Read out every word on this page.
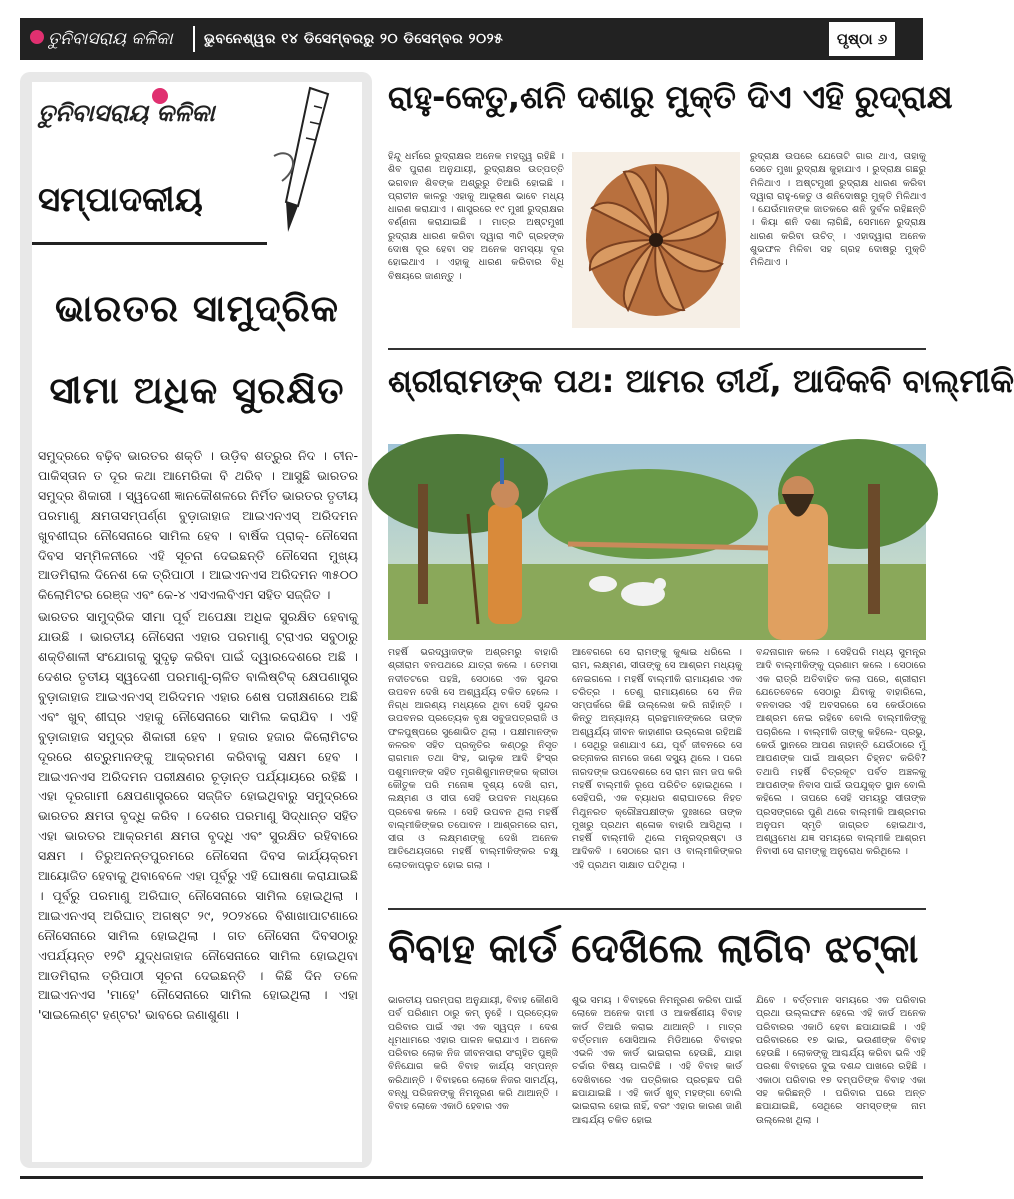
ତୁନିବାସରାୟ କଳିକା	ଭୁବନେଶ୍ୱର ୧୪ ଡିସେମ୍ବରରୁ ୨୦ ଡିସେମ୍ବର ୨୦୨୫	ପୃଷ୍ଠା ୬
ତୁନିବାସରାୟ କଳିକା
ସମ୍ପାଦକୀୟ
ଭାରତର ସାମୁଦ୍ରିକ
ସୀମା ଅଧିକ ସୁରକ୍ଷିତ

ସମୁଦ୍ରରେ ବଢ଼ିବ ଭାରତର ଶକ୍ତି । ଉଡ଼ିବ ଶତ୍ରୁର ନିଦ । ଚୀନ-ପାକିସ୍ତାନ ତ ଦୂର କଥା ଆମେରିକା ବି ଥରିବ । ଆସୁଛି ଭାରତର ସମୁଦ୍ର ଶିକାରୀ । ସ୍ୱଦେଶୀ ଜ୍ଞାନକୌଶଳରେ ନିର୍ମିତ ଭାରତର ତୃତୀୟ ପରମାଣୁ କ୍ଷମତାସମ୍ପର୍ଣ୍ଣ ବୁଡ଼ାଜାହାଜ ଆଇଏନଏସ୍ ଅରିଦମନ ଖୁବଶୀଘ୍ର ନୌସେନାରେ ସାମିଲ ହେବ । ବାର୍ଷିକ ପ୍ରାକ୍- ନୌସେନା ଦିବସ ସମ୍ମିଳନୀରେ ଏହି ସୂଚନା ଦେଇଛନ୍ତି ନୌସେନା ମୁଖ୍ୟ ଆଡମିରାଲ ଦିନେଶ କେ ତ୍ରିପାଠୀ । ଆଇଏନଏସ ଅରିଦମନ ୩୫୦୦ କିଲୋମିଟର ରେଞ୍ଜ ଏବଂ କେ-୪ ଏସଏଲବିଏମ ସହିତ ସଜ୍ଜିତ ।

ଭାରତର ସାମୁଦ୍ରିକ ସୀମା ପୂର୍ବ ଅପେକ୍ଷା ଅଧିକ ସୁରକ୍ଷିତ ହେବାକୁ ଯାଉଛି । ଭାରତୀୟ ନୌସେନା ଏହାର ପରମାଣୁ ଟ୍ରାଏର ସବୁଠାରୁ ଶକ୍ତିଶାଳୀ ସଂଯୋଗକୁ ସୁଦୃଢ଼ କରିବା ପାଇଁ ଦ୍ୱାରଦେଶରେ ଅଛି । ଦେଶର ତୃତୀୟ ସ୍ୱଦେଶୀ ପରମାଣୁ-ଚାଳିତ ବାଲିଷ୍ଟିକ୍ କ୍ଷେପଣାସ୍ତ୍ର ବୁଡ଼ାଜାହାଜ ଆଇଏନଏସ୍ ଅରିଦମନ ଏହାର ଶେଷ ପରୀକ୍ଷଣରେ ଅଛି ଏବଂ ଖୁବ୍ ଶୀଘ୍ର ଏହାକୁ ନୌସେନାରେ ସାମିଲ କରାଯିବ । ଏହି ବୁଡ଼ାଜାହାଜ ସମୁଦ୍ର ଶିକାରୀ ହେବ । ହଜାର ହଜାର କିଲୋମିଟର ଦୂରରେ ଶତ୍ରୁମାନଙ୍କୁ ଆକ୍ରମଣ କରିବାକୁ ସକ୍ଷମ ହେବ । ଆଇଏନଏସ ଅରିଦମନ ପରୀକ୍ଷଣର ଚୂଡ଼ାନ୍ତ ପର୍ଯ୍ୟାୟରେ ରହିଛି । ଏହା ଦୂରଗାମୀ କ୍ଷେପଣାସ୍ତ୍ରରେ ସଜ୍ଜିତ ହୋଇଥିବାରୁ ସମୁଦ୍ରରେ ଭାରତର କ୍ଷମତା ବୃଦ୍ଧି କରିବ । ଦେଶର ପରମାଣୁ ସିଦ୍ଧାନ୍ତ ସହିତ ଏହା ଭାରତର ଆକ୍ରମଣ କ୍ଷମତା ବୃଦ୍ଧି ଏବଂ ସୁରକ୍ଷିତ ରହିବାରେ ସକ୍ଷମ । ତିରୁଅନନ୍ତପୁରମରେ ନୌସେନା ଦିବସ କାର୍ଯ୍ୟକ୍ରମ ଆୟୋଜିତ ହେବାକୁ ଥିବାବେଳେ ଏହା ପୂର୍ବରୁ ଏହି ଘୋଷଣା କରାଯାଇଛି । ପୂର୍ବରୁ ପରମାଣୁ ଅରିଘାତ୍ ନୌସେନାରେ ସାମିଲ ହୋଇଥିଲା । ଆଇଏନଏସ୍ ଅରିଘାତ୍ ଅଗଷ୍ଟ ୨୯, ୨୦୨୪ରେ ବିଶାଖାପାଟଣାରେ ନୌସେନାରେ ସାମିଲ ହୋଇଥିଲା । ଗତ ନୌସେନା ଦିବସଠାରୁ ଏପର୍ଯ୍ୟନ୍ତ ୧୨ଟି ଯୁଦ୍ଧଜାହାଜ ନୌସେନାରେ ସାମିଲ ହୋଇଥିବା ଆଡମିରାଲ ତ୍ରିପାଠୀ ସୂଚନା ଦେଇଛନ୍ତି । କିଛି ଦିନ ତଳେ ଆଇଏନଏସ 'ମାହେ' ନୌସେନାରେ ସାମିଲ ହୋଇଥିଲା । ଏହା 'ସାଇଲେଣ୍ଟ ହଣ୍ଟର' ଭାବରେ ଜଣାଶୁଣା ।

ରାହୁ-କେତୁ,ଶନି ଦଶାରୁ ମୁକ୍ତି ଦିଏ ଏହି ରୁଦ୍ରାକ୍ଷ

ହିନ୍ଦୁ ଧର୍ମରେ ରୁଦ୍ରାକ୍ଷର ଅନେକ ମହତ୍ତ୍ୱ ରହିଛି । ଶିବ ପୁରାଣ ଅନୁଯାୟୀ, ରୁଦ୍ରାକ୍ଷର ଉତ୍ପତ୍ତି ଭଗବାନ ଶିବଙ୍କ ଅଶ୍ରୁରୁ ତିଆରି ହୋଇଛି । ପ୍ରାଚୀନ କାଳରୁ ଏହାକୁ ଆଭୂଷଣ ଭାବେ ମଧ୍ୟ ଧାରଣ କରାଯାଏ । ଶାସ୍ତ୍ରରେ ୧୯ ମୁଖୀ ରୁଦ୍ରାକ୍ଷର ବର୍ଣ୍ଣନା କରାଯାଇଛି । ମାତ୍ର ଅଷ୍ଟମୁଖୀ ରୁଦ୍ରାକ୍ଷ ଧାରଣ କରିବା ଦ୍ୱାରା ୩ଟି ଗ୍ରହଙ୍କ ଦୋଷ ଦୂର ହେବା ସହ ଅନେକ ସମସ୍ୟା ଦୂର ହୋଇଥାଏ । ଏହାକୁ ଧାରଣ କରିବାର ବିଧି ବିଷୟରେ ଜାଣନ୍ତୁ ।

ରୁଦ୍ରାକ୍ଷ ଉପରେ ଯେତୋଟି ଗାର ଥାଏ, ତାହାକୁ ସେତେ ମୁଖା ରୁଦ୍ରାକ୍ଷ କୁହାଯାଏ । ରୁଦ୍ରାକ୍ଷ ଗଛରୁ ମିଳିଥାଏ । ଅଷ୍ଟମୁଖୀ ରୁଦ୍ରାକ୍ଷ ଧାରଣ କରିବା ଦ୍ୱାରା ରାହୁ-କେତୁ ଓ ଶନିଦୋଷରୁ ମୁକ୍ତି ମିଳିଥାଏ । ଯେଉଁମାନଙ୍କ ଜାତକରେ ଶନି ଦୁର୍ବଳ ରହିଛନ୍ତି । କିୟା ଶନି ଦଶା ଲାଗିଛି, ସେମାନେ ରୁଦ୍ରାକ୍ଷ ଧାରଣ କରିବା ଉଚିତ୍ । ଏହାଦ୍ୱାରା ଅନେକ ଶୁଭଫଳ ମିଳିବା ସହ ଗ୍ରହ ଦୋଷରୁ ମୁକ୍ତି ମିଳିଥାଏ ।

ଶ୍ରୀରାମଙ୍କ ପଥ: ଆମର ତୀର୍ଥ, ଆଦିକବି ବାଲ୍ମୀକି

ମହର୍ଷି ଭରଦ୍ୱାଜଙ୍କ ଅଶ୍ରମରୁ ବାହାରି ଶ୍ରୀରାମ ବନପଥରେ ଯାତ୍ରା କଲେ । ତେମସା ନଦୀତଟରେ ପହଞ୍ଚି, ସେଠାରେ ଏକ ସୁନ୍ଦର ଉପବନ ଦେଖି ସେ ଅଶ୍ୱର୍ଯ୍ୟ ଚକିତ ହେଲେ । ନିଗ୍ଧ ଆରଣ୍ୟ ମଧ୍ୟରେ ଥିବା ସେହି ସୁନ୍ଦର ଉପବନର ପ୍ରତ୍ୟେକ ବୃକ୍ଷ ସବୁଜପତ୍ରରାଜି ଓ ଫଳପୁଷ୍ପରେ ସୁଶୋଭିତ ଥିଲା । ପକ୍ଷୀମାନଙ୍କ କଳରବ ସହିତ ପ୍ରକୃତିର କଣ୍ଠରୁ ନିସୃତ ରାଗମାନ ତଥା ସିଂହ, ଭାଲୁକ ଆଦି ହିଂସ୍ର ପଶୁମାନଙ୍କ ସହିତ ମୃଗଶିଶୁମାନଙ୍କର କ୍ରୀଡା କୌତୁକ ପରି ମନୋଜ୍ଞ ଦୃଶ୍ୟ ଦେଖି ରାମ, ଲକ୍ଷ୍ମଣ ଓ ସୀତା ସେହି ଉପବନ ମଧ୍ୟରେ ପ୍ରବେଶ କଲେ । ସେହି ଉପବନ ଥିଲା ମହର୍ଷି ବାଲ୍ମୀକିଙ୍କର ତପୋବନ । ଆଶ୍ରମରେ ରାମ, ସୀତା ଓ ଲକ୍ଷ୍ମଣଙ୍କୁ ଦେଖି ଅନେକ ଆତିଥେୟତାରେ ମହର୍ଷି ବାଲ୍ମୀକିଙ୍କର ଚକ୍ଷୁ ଲୋତକାପ୍ଲୁତ ହୋଇ ଗଲା ।

ଆବେଗରେ ସେ ରାମଙ୍କୁ କୁଣ୍ଢାଇ ଧରିଲେ । ରାମ, ଲକ୍ଷ୍ମଣ, ସୀତାଙ୍କୁ ସେ ଆଶ୍ରମ ମଧ୍ୟକୁ ନେଇଗଲେ । ମହର୍ଷି ବାଲ୍ମୀକି ରାମାୟଣର ଏକ ଚରିତ୍ର । ତେଣୁ ରାମାୟଣରେ ସେ ନିଜ ସମ୍ପର୍କରେ କିଛି ଉଲ୍ଲେଖ କରି ନାହାଁନ୍ତି । କିନ୍ତୁ ଅନ୍ୟାନ୍ୟ ଗ୍ରନ୍ଥମାନଙ୍କରେ ତାଙ୍କ ଅଶ୍ୱର୍ଯ୍ୟ ଜୀବନ କାହାଣୀର ଉଲ୍ଲେଖ ରହିଅଛି । ସେଥିରୁ ଜଣାଯାଏ ଯେ, ପୂର୍ବ ଜୀବନରେ ସେ ରତ୍ନାକର ନାମରେ ଜଣେ ଦସ୍ୟୁ ଥିଲେ । ପରେ ନାରଦଙ୍କ ଉପଦେଶରେ ସେ ରାମ ନାମ ଜପ କରି ମହର୍ଷି ବାଲ୍ମୀକି ରୂପେ ପରିଚିତ ହୋଇଥିଲେ । ସେହିପରି, ଏକ ବ୍ୟାଧର ଶରାଘାତରେ ନିହତ ମିଥୁନରତ କ୍ରୌଞ୍ଚପକ୍ଷୀଙ୍କ ଦୁଃଖରେ ତାଙ୍କ ମୁଖରୁ ପ୍ରଥମ ଶ୍ଳୋକ ବାହାରି ଆସିଥିଲା । ମହର୍ଷି ବାଲ୍ମୀକି ଥିଲେ ମନ୍ତ୍ରଦ୍ରଷ୍ଟା ଓ ଆଦିକବି । ସେଠାରେ ରାମ ଓ ବାଲ୍ମୀକିଙ୍କର ଏହି ପ୍ରଥମ ସାକ୍ଷାତ ଘଟିଥିଲା ।

ବନ୍ଦନାଗାନ କଲେ । ସେହିପରି ମଧ୍ୟ ସୁମନ୍ତ୍ର ଆଦି ବାଲ୍ମୀକିଙ୍କୁ ପ୍ରଣାମ କଲେ । ସେଠାରେ ଏକ ରାତ୍ରି ଅତିବାହିତ କଲା ପରେ, ଶ୍ରୀରାମ ଯେତେବେଳେ ସେଠାରୁ ଯିବାକୁ ବାହାରିଲେ, ବନବାସର ଏହି ଅବସରରେ ସେ କେଉଁଠାରେ ଆଶ୍ରମ ନେଇ ରହିବେ ବୋଲି ବାଲ୍ମୀକିଙ୍କୁ ପଚାରିଲେ । ବାଲ୍ମୀକି ତାଙ୍କୁ କହିଲେ- ପ୍ରଭୁ, କେଉଁ ସ୍ଥାନରେ ଆପଣ ନାହାନ୍ତି ଯେଉଁଠାରେ ମୁଁ ଆପଣଙ୍କ ପାଇଁ ଆଶ୍ରମ ଚିହ୍ନଟ କରିବି? ତଥାପି ମହର୍ଷି ଚିତ୍ରକୂଟ ପର୍ବତ ଅଞ୍ଚଳକୁ ଆପଣଙ୍କ ନିବାସ ପାଇଁ ଉପଯୁକ୍ତ ସ୍ଥାନ ବୋଲି କହିଲେ । ତାପରେ ସେହି ସମୟରୁ ସୀତାଙ୍କ ପ୍ରସଙ୍ଗରେ ପୁଣି ଥରେ ବାଲ୍ମୀକି ଆଶ୍ରମର ଅନୁପମ ସ୍ମୃତି ଜାଗ୍ରତ ହୋଇଥାଏ, ଅଶ୍ୱମେଧ ଯଜ୍ଞ ସମୟରେ ବାଲ୍ମୀକି ଆଶ୍ରମ ନିବାସୀ ସେ ରାମଙ୍କୁ ଅନୁରୋଧ କରିଥିଲେ ।

ବିବାହ କାର୍ଡ ଦେଖିଲେ ଲାଗିବ ଝଟ୍କା

ଭାରତୀୟ ପରମ୍ପରା ଅନୁଯାୟୀ, ବିବାହ କୌଣସି ପର୍ବ ପରିଣାମ ଠାରୁ କମ୍ ନୁହେଁ । ପ୍ରତ୍ୟେକ ପରିବାର ପାଇଁ ଏହା ଏକ ସ୍ୱପ୍ନ । ଦେଶ ଧୂମଧାମରେ ଏହାର ପାଳନ କରାଯାଏ । ଅନେକ ପରିବାର ଲୋକ ନିଜ ଜୀବନସାରା ସଂଗୃହିତ ପୁଞ୍ଜି ବିନିଯୋଗ କରି ବିବାହ କାର୍ଯ୍ୟ ସମ୍ପନ୍ନ କରିଥାନ୍ତି । ବିବାହରେ ଲୋକେ ନିଜର ସାମର୍ଥ୍ୟ, ବନ୍ଧୁ ପରିଜନଙ୍କୁ ନିମନ୍ତ୍ରଣ କରି ଥାଆନ୍ତି । ବିବାହ ଲୋକେ ଏକାଠି ହେବାର ଏକ

ଶୁଭ ସମୟ । ବିବାହରେ ନିମନ୍ତ୍ରଣ କରିବା ପାଇଁ ଲୋକେ ଅନେକ ଦାମୀ ଓ ଆକର୍ଷଣୀୟ ବିବାହ କାର୍ଡ ତିଆରି କରାଇ ଥାଆନ୍ତି । ମାତ୍ର ବର୍ତ୍ତମାନ ସୋସିଆଲ ମିଡିଆରେ ବିବାହର ଏଭଳି ଏକ କାର୍ଡ ଭାଇରାଲ ହେଉଛି, ଯାହା ଚର୍ଚ୍ଚାର ବିଷୟ ପାଲଟିଛି । ଏହି ବିବାହ କାର୍ଡ ଦେଖିବାରେ ଏକ ପତ୍ରିକାର ପ୍ରଚ୍ଛଦ ପରି ଛପାଯାଇଛି । ଏହି କାର୍ଡ ଖୁବ୍ ମହଙ୍ଗା ବୋଲି ଭାଇରାଲ ହୋଇ ନାହିଁ, ବରଂ ଏହାର କାରଣ ଜାଣି ଆଶ୍ଚର୍ଯ୍ୟ ଚକିତ ହୋଇ

ଯିବେ । ବର୍ତ୍ତମାନ ସମୟରେ ଏକ ପରିବାର ପ୍ରଥା ଉଲ୍ଲଙ୍ଘନ ହେଲେ ଏହି କାର୍ଡ ଅନେକ ପରିବାରର ଏକାଠି ହେବା ଛପାଯାଇଛି । ଏହି ପରିବାରରେ ୧୭ ଭାଇ, ଭଉଣୀଙ୍କ ବିବାହ ହେଉଛି । ଲୋକଙ୍କୁ ଆଶ୍ଚର୍ଯ୍ୟ କରିବା ଭଳି ଏହି ପରଶା ବିବାହରେ ଦୁଇ ଦଶନ୍ଦ ପାଖରେ ରହିଛି । ଏକାଠା ପରିବାର ୧୭ ଦମ୍ପତିଙ୍କ ବିବାହ ଏକା ସହ କରିଛନ୍ତି । ପରିବାର ଘରେ ଅନ୍ତ ଛପାଯାଇଛି, ସେଥିରେ ସମସ୍ତଙ୍କ ନାମ ଉଲ୍ଲେଖ ଥିଲା ।
